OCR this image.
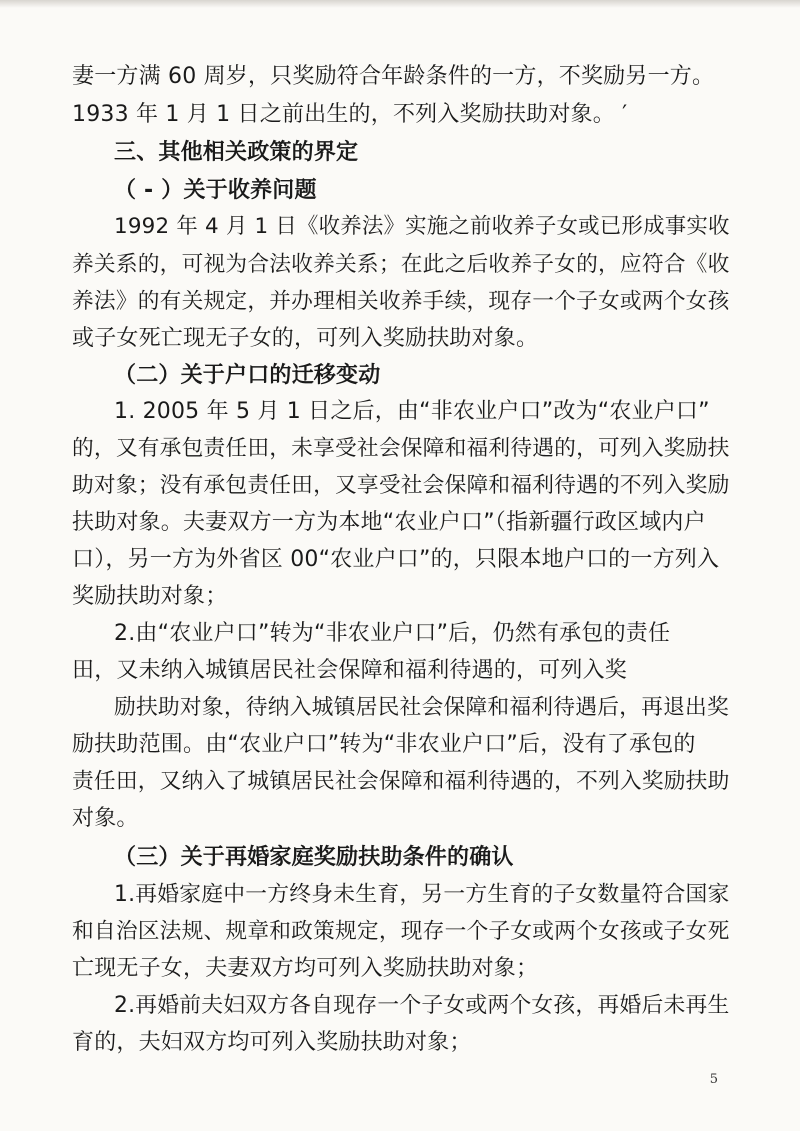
妻一方满 60 周岁，只奖励符合年龄条件的一方，不奖励另一方。
1933 年 1 月 1 日之前出生的，不列入奖励扶助对象。 ′
三、其他相关政策的界定
（ - ）关于收养问题
1992 年 4 月 1 日《收养法》实施之前收养子女或已形成事实收
养关系的，可视为合法收养关系；在此之后收养子女的，应符合《收
养法》的有关规定，并办理相关收养手续，现存一个子女或两个女孩
或子女死亡现无子女的，可列入奖励扶助对象。
（二）关于户口的迁移变动
1. 2005 年 5 月 1 日之后，由“非农业户口”改为“农业户口”
的，又有承包责任田，未享受社会保障和福利待遇的，可列入奖励扶
助对象；没有承包责任田，又享受社会保障和福利待遇的不列入奖励
扶助对象。夫妻双方一方为本地“农业户口”（指新疆行政区域内户
口），另一方为外省区 00“农业户口”的，只限本地户口的一方列入
奖励扶助对象；
2.由“农业户口”转为“非农业户口”后，仍然有承包的责任
田，又未纳入城镇居民社会保障和福利待遇的，可列入奖
励扶助对象，待纳入城镇居民社会保障和福利待遇后，再退出奖
励扶助范围。由“农业户口”转为“非农业户口”后，没有了承包的
责任田，又纳入了城镇居民社会保障和福利待遇的，不列入奖励扶助
对象。
（三）关于再婚家庭奖励扶助条件的确认
1.再婚家庭中一方终身未生育，另一方生育的子女数量符合国家
和自治区法规、规章和政策规定，现存一个子女或两个女孩或子女死
亡现无子女，夫妻双方均可列入奖励扶助对象；
2.再婚前夫妇双方各自现存一个子女或两个女孩，再婚后未再生
育的，夫妇双方均可列入奖励扶助对象；
5
